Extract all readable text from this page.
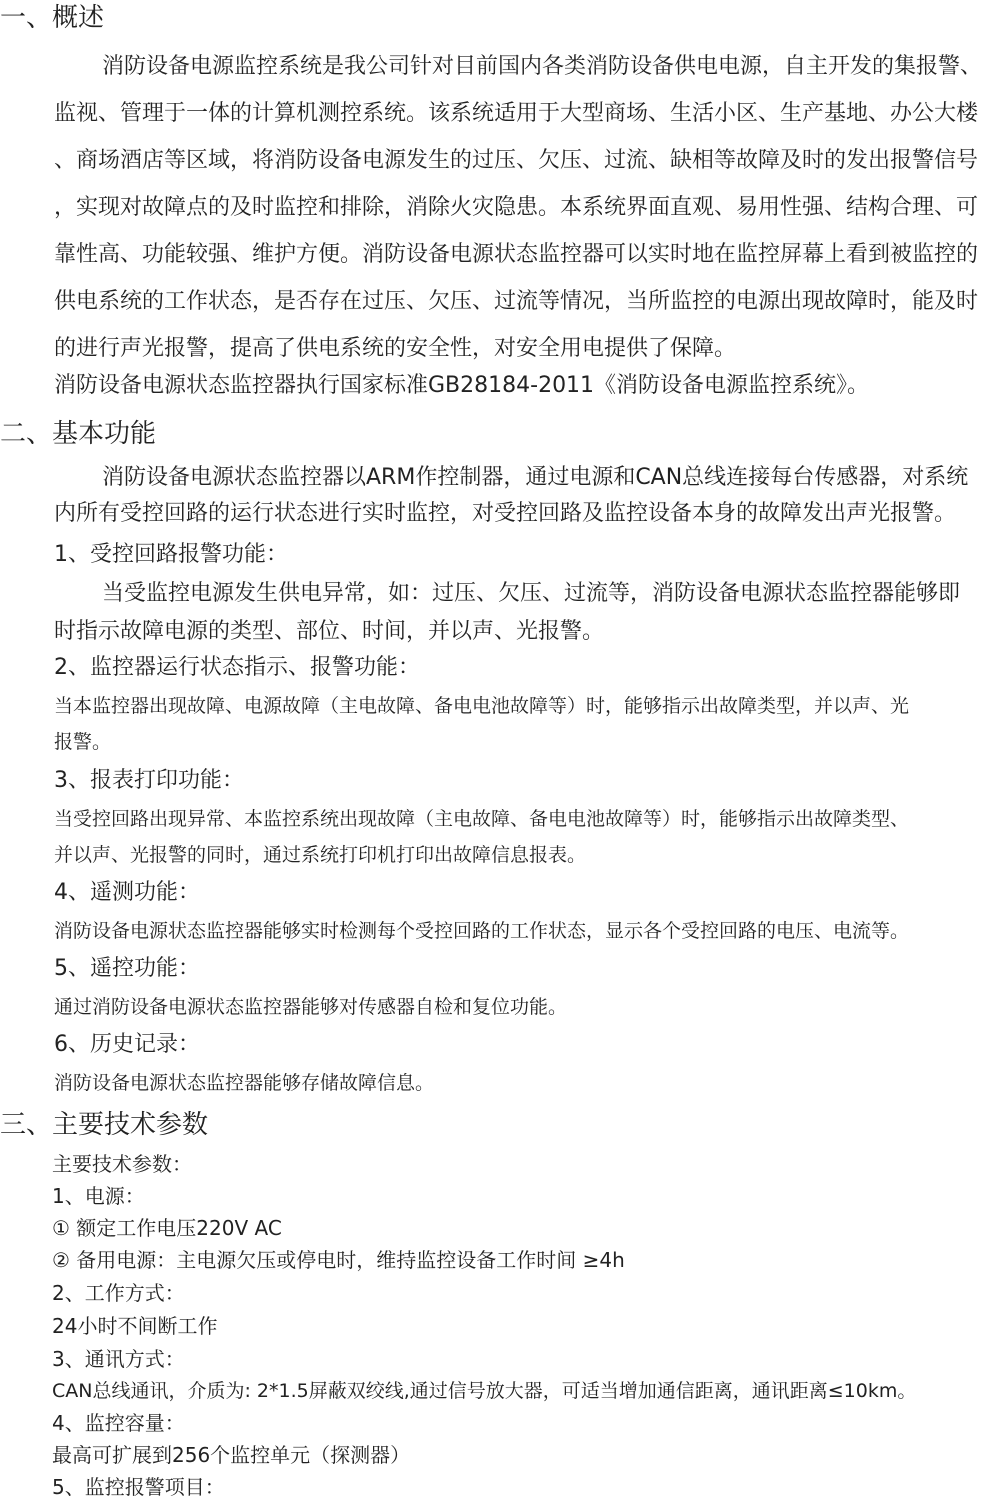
一、概述
消防设备电源监控系统是我公司针对目前国内各类消防设备供电电源，自主开发的集报警、
监视、管理于一体的计算机测控系统。该系统适用于大型商场、生活小区、生产基地、办公大楼
、商场酒店等区域，将消防设备电源发生的过压、欠压、过流、缺相等故障及时的发出报警信号
，实现对故障点的及时监控和排除，消除火灾隐患。本系统界面直观、易用性强、结构合理、可
靠性高、功能较强、维护方便。消防设备电源状态监控器可以实时地在监控屏幕上看到被监控的
供电系统的工作状态，是否存在过压、欠压、过流等情况，当所监控的电源出现故障时，能及时
的进行声光报警，提高了供电系统的安全性，对安全用电提供了保障。
消防设备电源状态监控器执行国家标准GB28184-2011《消防设备电源监控系统》。
二、基本功能
消防设备电源状态监控器以ARM作控制器，通过电源和CAN总线连接每台传感器，对系统
内所有受控回路的运行状态进行实时监控，对受控回路及监控设备本身的故障发出声光报警。
1、受控回路报警功能：
当受监控电源发生供电异常，如：过压、欠压、过流等，消防设备电源状态监控器能够即
时指示故障电源的类型、部位、时间，并以声、光报警。
2、监控器运行状态指示、报警功能：
当本监控器出现故障、电源故障（主电故障、备电电池故障等）时，能够指示出故障类型，并以声、光
报警。
3、报表打印功能：
当受控回路出现异常、本监控系统出现故障（主电故障、备电电池故障等）时，能够指示出故障类型、
并以声、光报警的同时，通过系统打印机打印出故障信息报表。
4、遥测功能：
消防设备电源状态监控器能够实时检测每个受控回路的工作状态，显示各个受控回路的电压、电流等。
5、遥控功能：
通过消防设备电源状态监控器能够对传感器自检和复位功能。
6、历史记录：
消防设备电源状态监控器能够存储故障信息。
三、主要技术参数
主要技术参数：
1、电源：
① 额定工作电压220V AC
② 备用电源：主电源欠压或停电时，维持监控设备工作时间 ≥4h
2、工作方式：
24小时不间断工作
3、通讯方式：
CAN总线通讯，介质为: 2*1.5屏蔽双绞线,通过信号放大器，可适当增加通信距离，通讯距离≤10km。
4、监控容量：
最高可扩展到256个监控单元（探测器）
5、监控报警项目：
